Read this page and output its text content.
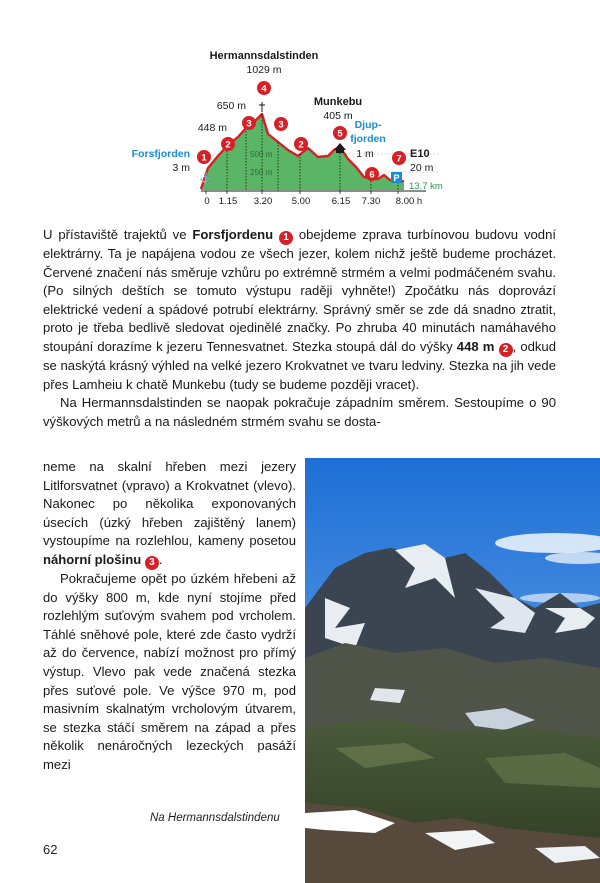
0 1.15 3.20 5.00 6.15 7.30 8.00 h
500 m
250 m
Hermannsdalstinden
1029 m
650 m
448 m
Munkebu
405 m
Forsfjorden
3 m
Djup-
fjorden
1 m	E10
20 m
13.7 km
⚓	P
1
2
3
4
3
2
5
6
7

U přístaviště trajektů ve Forsfjordenu 1 obejdeme zprava turbínovou budovu vodní elektrárny. Ta je napájena vodou ze všech jezer, kolem nichž ještě budeme procházet. Červené značení nás směruje vzhůru po extrémně strmém a velmi podmáčeném svahu. (Po silných deštích se tomuto výstupu raději vyhněte!) Zpočátku nás doprovází elektrické vedení a spádové potrubí elektrárny. Správný směr se zde dá snadno ztratit, proto je třeba bedlivě sledovat ojedinělé značky. Po zhruba 40 minutách namáhavého stoupání dorazíme k jezeru Tennesvatnet. Stezka stoupá dál do výšky 448 m 2 , odkud se naskýtá krásný výhled na velké jezero Krokvatnet ve tvaru ledviny. Stezka na jih vede přes Lamheiu k chatě Munkebu (tudy se budeme později vracet).

Na Hermannsdalstinden se naopak pokračuje západním směrem. Sestoupíme o 90 výškových metrů a na následném strmém svahu se dosta-

neme na skalní hřeben mezi jezery Litlforsvatnet (vpravo) a Krokvatnet (vlevo). Nakonec po několika exponovaných úsecích (úzký hřeben zajištěný lanem) vystoupíme na rozlehlou, kameny posetou náhorní plošinu 3 .

Pokračujeme opět po úzkém hřebeni až do výšky 800 m, kde nyní stojíme před rozlehlým suťovým svahem pod vrcholem. Táhlé sněhové pole, které zde často vydrží až do července, nabízí možnost pro přímý výstup. Vlevo pak vede značená stezka přes suťové pole. Ve výšce 970 m, pod masivním skalnatým vrcholovým útvarem, se stezka stáčí směrem na západ a přes několik nenáročných lezeckých pasáží mezi

Na Hermannsdalstindenu
62
